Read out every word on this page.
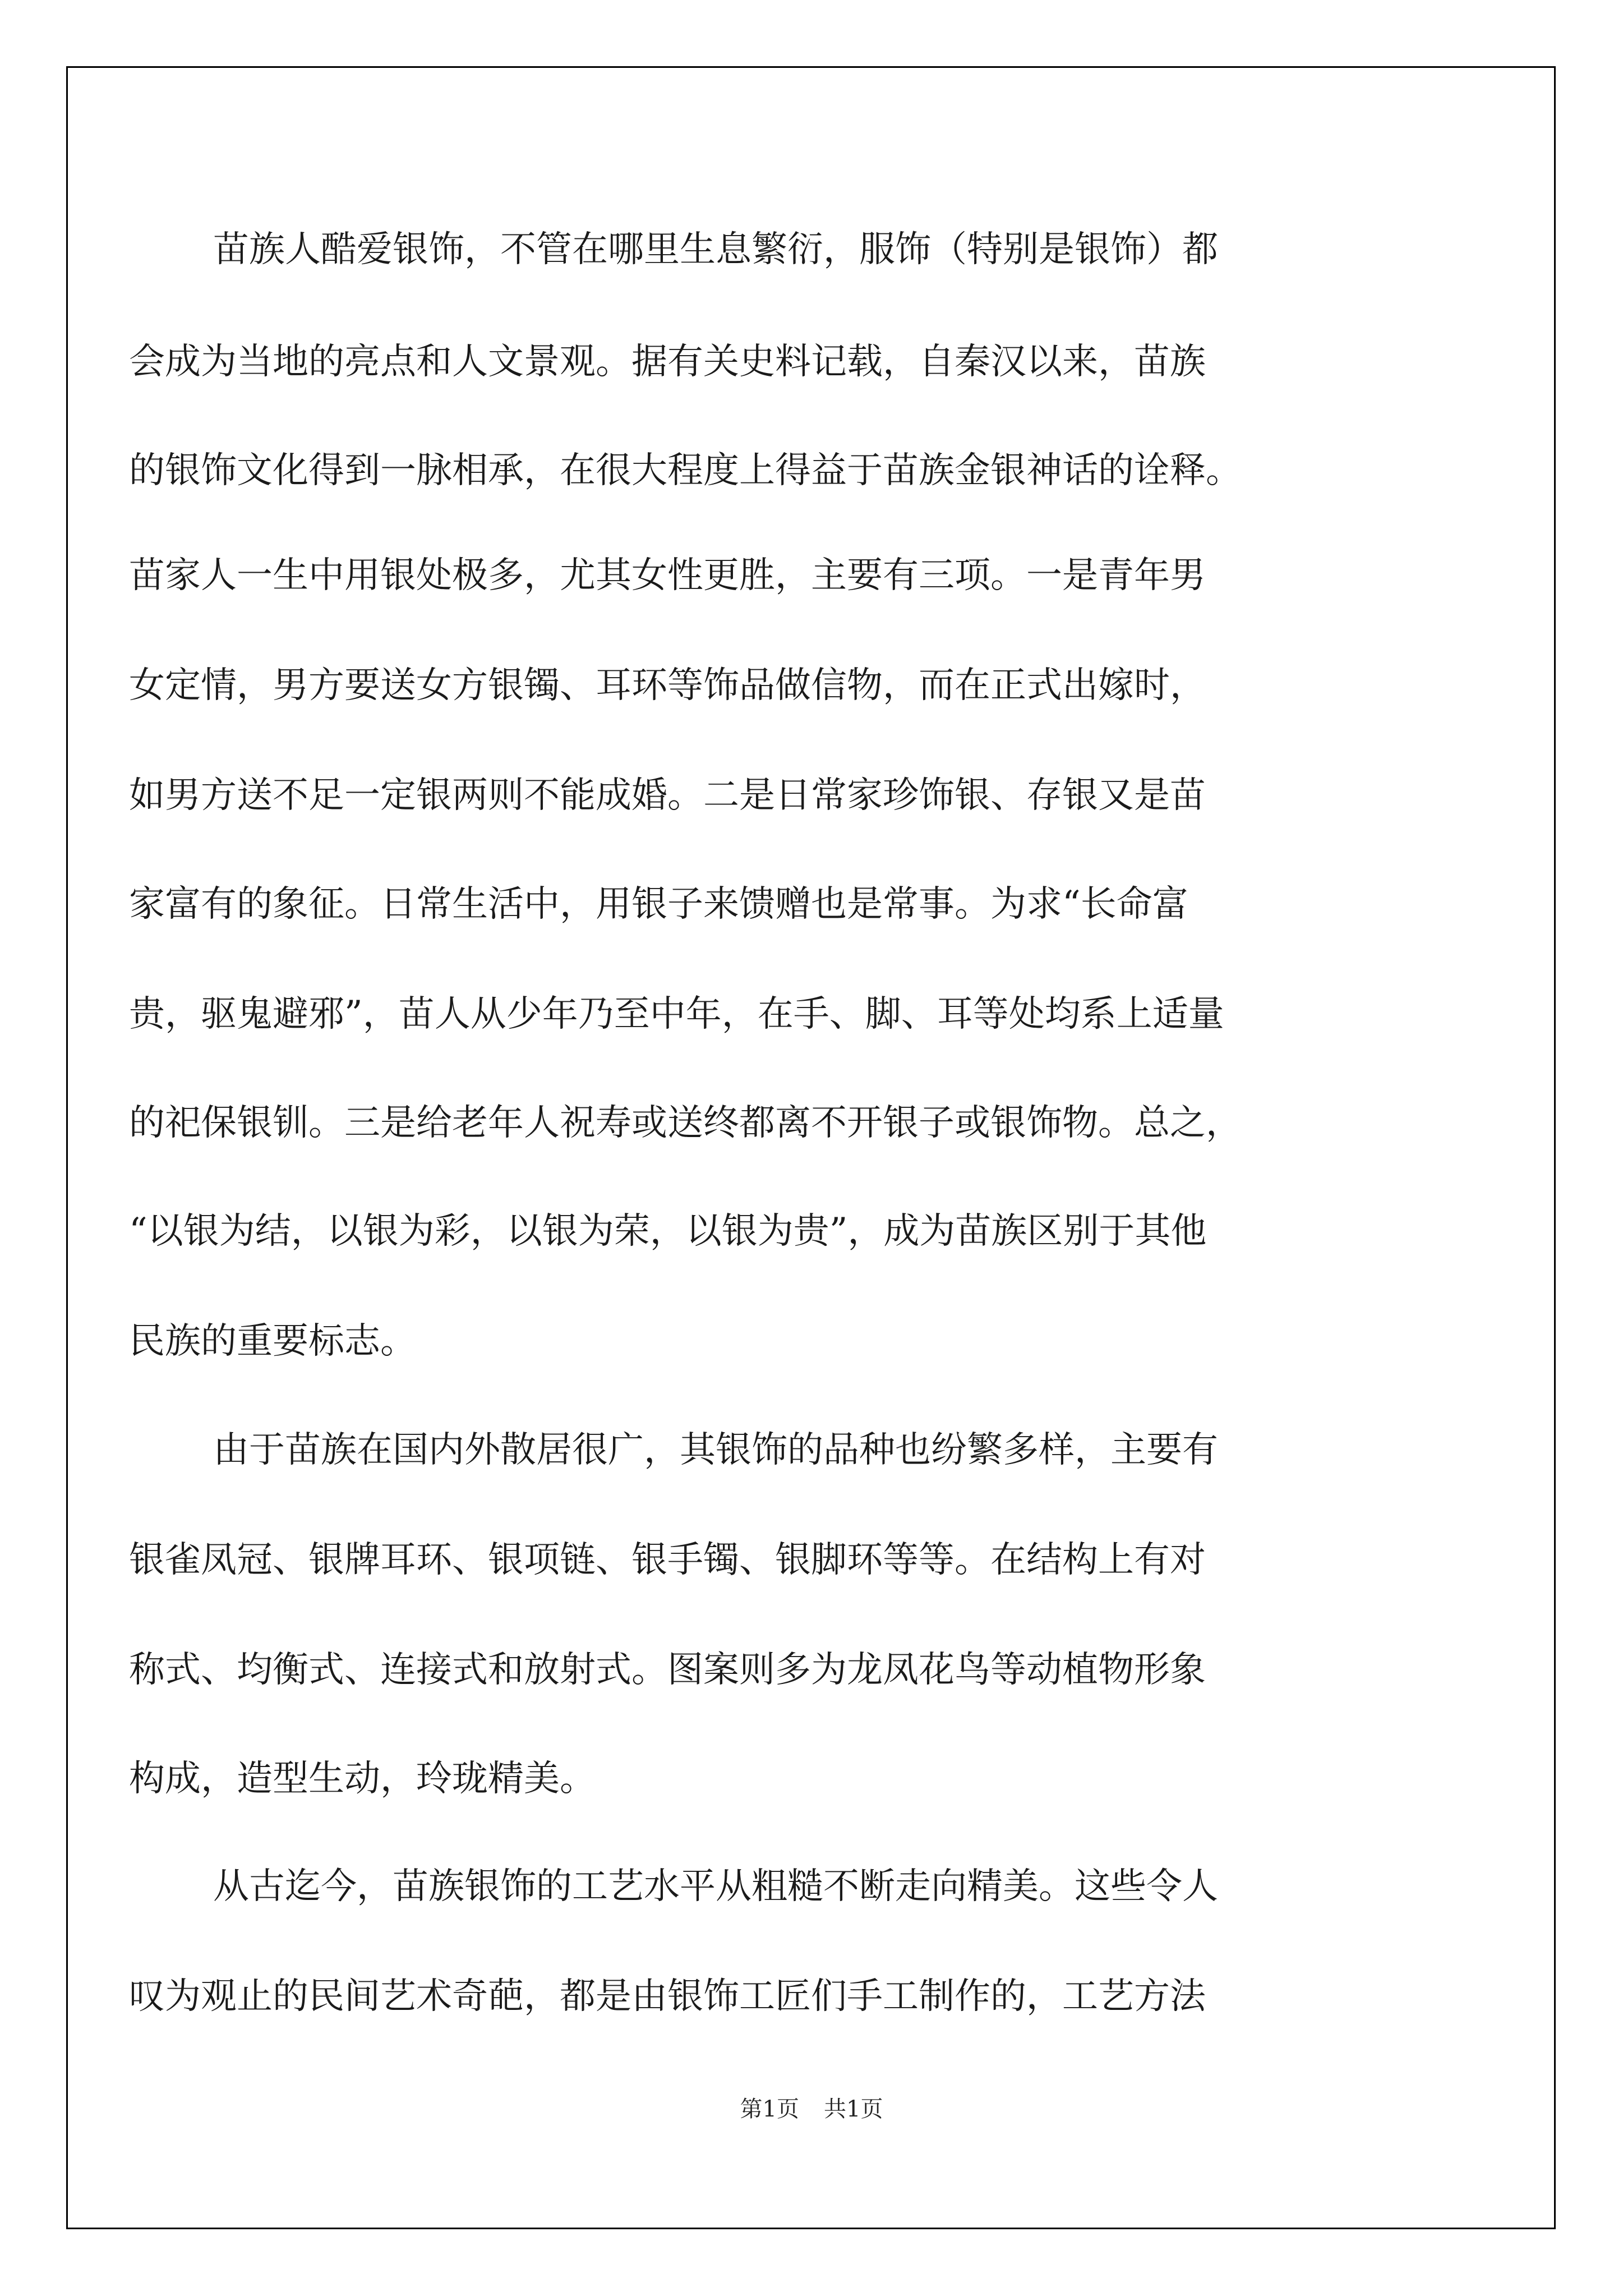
苗族人酷爱银饰，不管在哪里生息繁衍，服饰（特别是银饰）都
会成为当地的亮点和人文景观。据有关史料记载，自秦汉以来，苗族
的银饰文化得到一脉相承，在很大程度上得益于苗族金银神话的诠释。
苗家人一生中用银处极多，尤其女性更胜，主要有三项。一是青年男
女定情，男方要送女方银镯、耳环等饰品做信物，而在正式出嫁时，
如男方送不足一定银两则不能成婚。二是日常家珍饰银、存银又是苗
家富有的象征。日常生活中，用银子来馈赠也是常事。为求“长命富
贵，驱鬼避邪”，苗人从少年乃至中年，在手、脚、耳等处均系上适量
的祀保银钏。三是给老年人祝寿或送终都离不开银子或银饰物。总之，
“以银为结，以银为彩，以银为荣，以银为贵”，成为苗族区别于其他
民族的重要标志。
由于苗族在国内外散居很广，其银饰的品种也纷繁多样，主要有
银雀凤冠、银牌耳环、银项链、银手镯、银脚环等等。在结构上有对
称式、均衡式、连接式和放射式。图案则多为龙凤花鸟等动植物形象
构成，造型生动，玲珑精美。
从古迄今，苗族银饰的工艺水平从粗糙不断走向精美。这些令人
叹为观止的民间艺术奇葩，都是由银饰工匠们手工制作的，工艺方法
第1页 共1页
